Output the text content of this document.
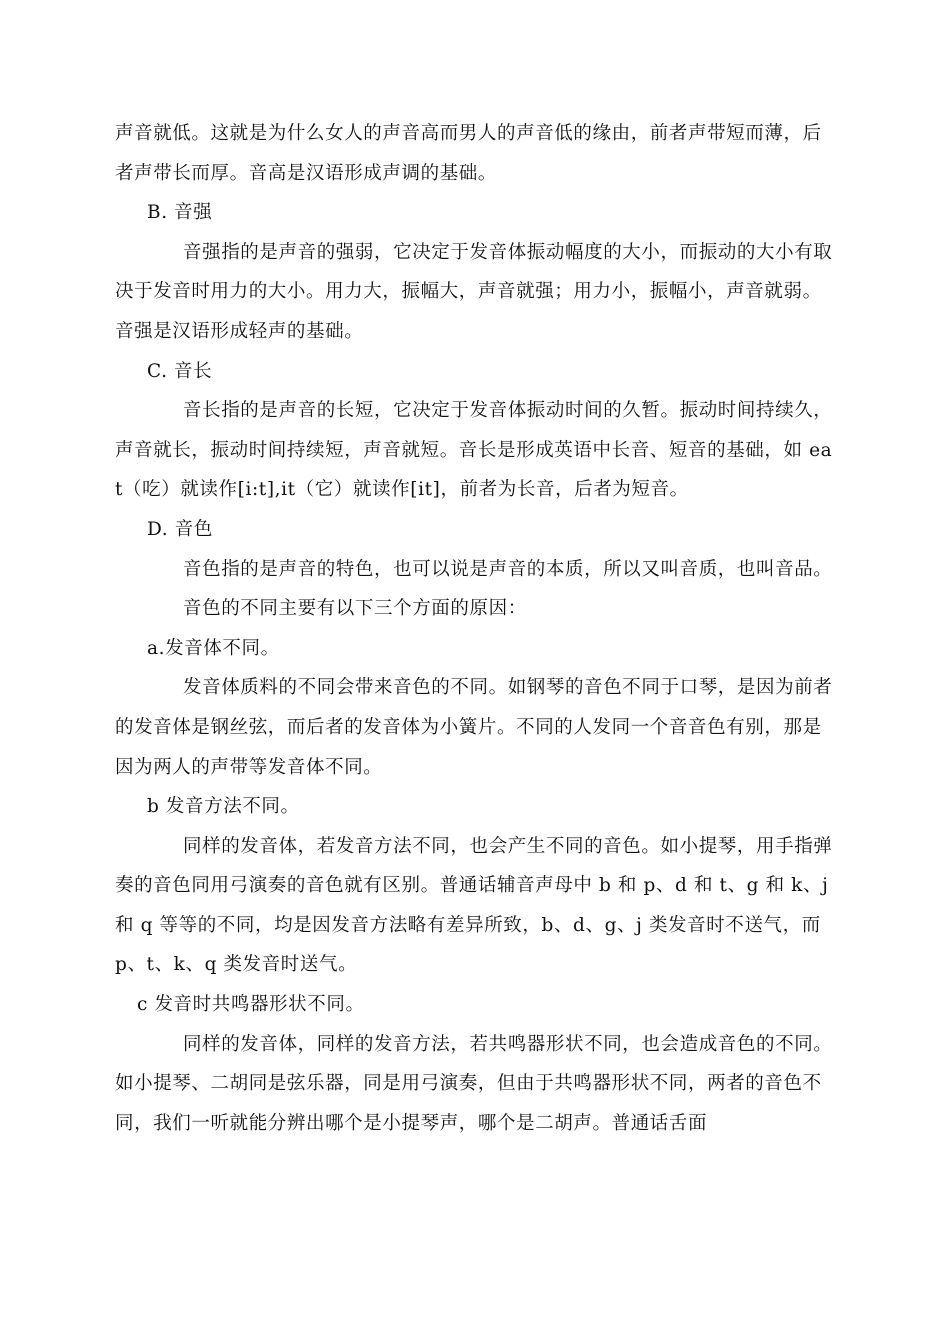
声音就低。这就是为什么女人的声音高而男人的声音低的缘由，前者声带短而薄，后者声带长而厚。音高是汉语形成声调的基础。

B. 音强

音强指的是声音的强弱，它决定于发音体振动幅度的大小，而振动的大小有取决于发音时用力的大小。用力大，振幅大，声音就强；用力小，振幅小，声音就弱。

音强是汉语形成轻声的基础。

C. 音长

音长指的是声音的长短，它决定于发音体振动时间的久暂。振动时间持续久，声音就长，振动时间持续短，声音就短。音长是形成英语中长音、短音的基础，如 eat（吃）就读作[i:t],it（它）就读作[it]，前者为长音，后者为短音。

D. 音色

音色指的是声音的特色，也可以说是声音的本质，所以又叫音质，也叫音品。

音色的不同主要有以下三个方面的原因：

a.发音体不同。

发音体质料的不同会带来音色的不同。如钢琴的音色不同于口琴，是因为前者的发音体是钢丝弦，而后者的发音体为小簧片。不同的人发同一个音音色有别，那是因为两人的声带等发音体不同。

b 发音方法不同。

同样的发音体，若发音方法不同，也会产生不同的音色。如小提琴，用手指弹奏的音色同用弓演奏的音色就有区别。普通话辅音声母中 b 和 p、d 和 t、g 和 k、j 和 q 等等的不同，均是因发音方法略有差异所致，b、d、g、j 类发音时不送气，而 p、t、k、q 类发音时送气。

c 发音时共鸣器形状不同。

同样的发音体，同样的发音方法，若共鸣器形状不同，也会造成音色的不同。如小提琴、二胡同是弦乐器，同是用弓演奏，但由于共鸣器形状不同，两者的音色不同，我们一听就能分辨出哪个是小提琴声，哪个是二胡声。普通话舌面
